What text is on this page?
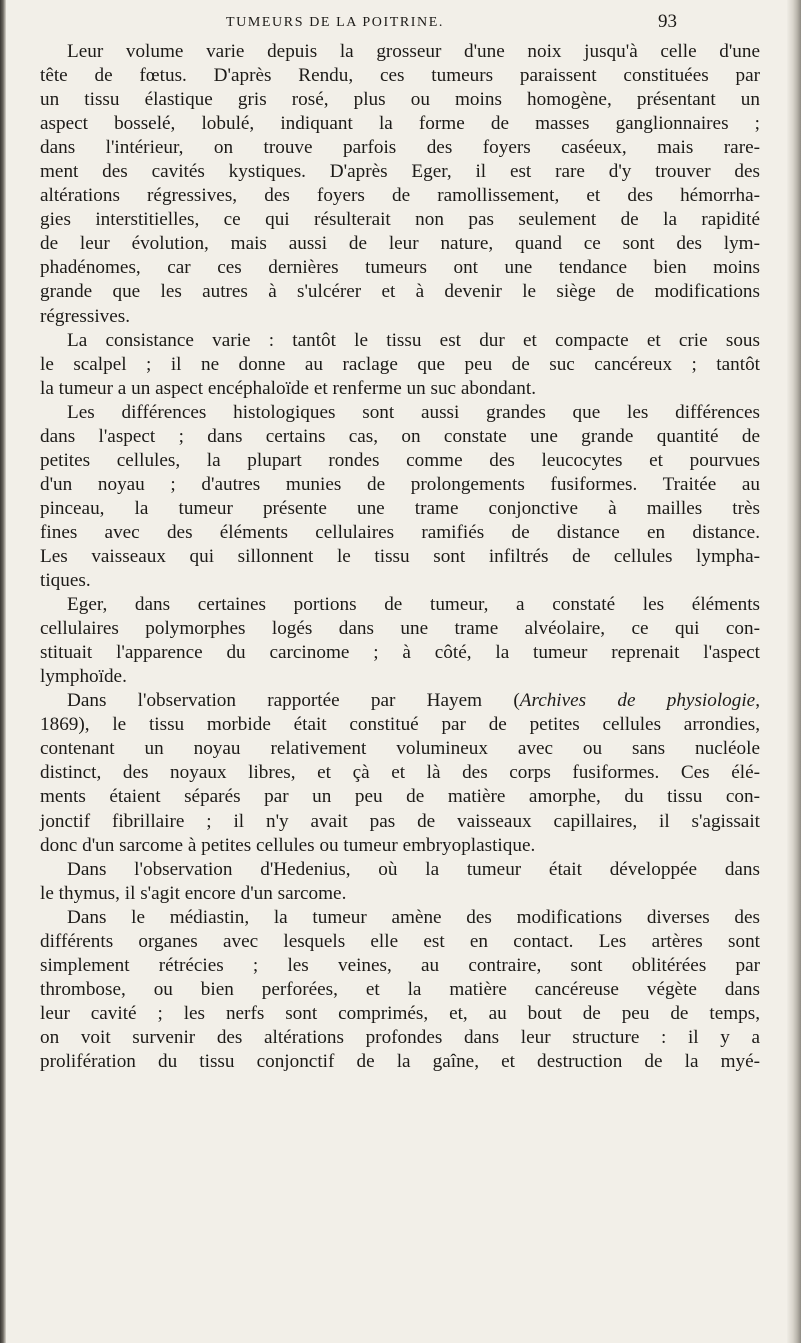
TUMEURS DE LA POITRINE.	93
Leur volume varie depuis la grosseur d'une noix jusqu'à celle d'une
tête de fœtus. D'après Rendu, ces tumeurs paraissent constituées par
un tissu élastique gris rosé, plus ou moins homogène, présentant un
aspect bosselé, lobulé, indiquant la forme de masses ganglionnaires ;
dans l'intérieur, on trouve parfois des foyers caséeux, mais rare-
ment des cavités kystiques. D'après Eger, il est rare d'y trouver des
altérations régressives, des foyers de ramollissement, et des hémorrha-
gies interstitielles, ce qui résulterait non pas seulement de la rapidité
de leur évolution, mais aussi de leur nature, quand ce sont des lym-
phadénomes, car ces dernières tumeurs ont une tendance bien moins
grande que les autres à s'ulcérer et à devenir le siège de modifications
régressives.
La consistance varie : tantôt le tissu est dur et compacte et crie sous
le scalpel ; il ne donne au raclage que peu de suc cancéreux ; tantôt
la tumeur a un aspect encéphaloïde et renferme un suc abondant.
Les différences histologiques sont aussi grandes que les différences
dans l'aspect ; dans certains cas, on constate une grande quantité de
petites cellules, la plupart rondes comme des leucocytes et pourvues
d'un noyau ; d'autres munies de prolongements fusiformes. Traitée au
pinceau, la tumeur présente une trame conjonctive à mailles très
fines avec des éléments cellulaires ramifiés de distance en distance.
Les vaisseaux qui sillonnent le tissu sont infiltrés de cellules lympha-
tiques.
Eger, dans certaines portions de tumeur, a constaté les éléments
cellulaires polymorphes logés dans une trame alvéolaire, ce qui con-
stituait l'apparence du carcinome ; à côté, la tumeur reprenait l'aspect
lymphoïde.
Dans l'observation rapportée par Hayem (Archives de physiologie,
1869), le tissu morbide était constitué par de petites cellules arrondies,
contenant un noyau relativement volumineux avec ou sans nucléole
distinct, des noyaux libres, et çà et là des corps fusiformes. Ces élé-
ments étaient séparés par un peu de matière amorphe, du tissu con-
jonctif fibrillaire ; il n'y avait pas de vaisseaux capillaires, il s'agissait
donc d'un sarcome à petites cellules ou tumeur embryoplastique.
Dans l'observation d'Hedenius, où la tumeur était développée dans
le thymus, il s'agit encore d'un sarcome.
Dans le médiastin, la tumeur amène des modifications diverses des
différents organes avec lesquels elle est en contact. Les artères sont
simplement rétrécies ; les veines, au contraire, sont oblitérées par
thrombose, ou bien perforées, et la matière cancéreuse végète dans
leur cavité ; les nerfs sont comprimés, et, au bout de peu de temps,
on voit survenir des altérations profondes dans leur structure : il y a
prolifération du tissu conjonctif de la gaîne, et destruction de la myé-
